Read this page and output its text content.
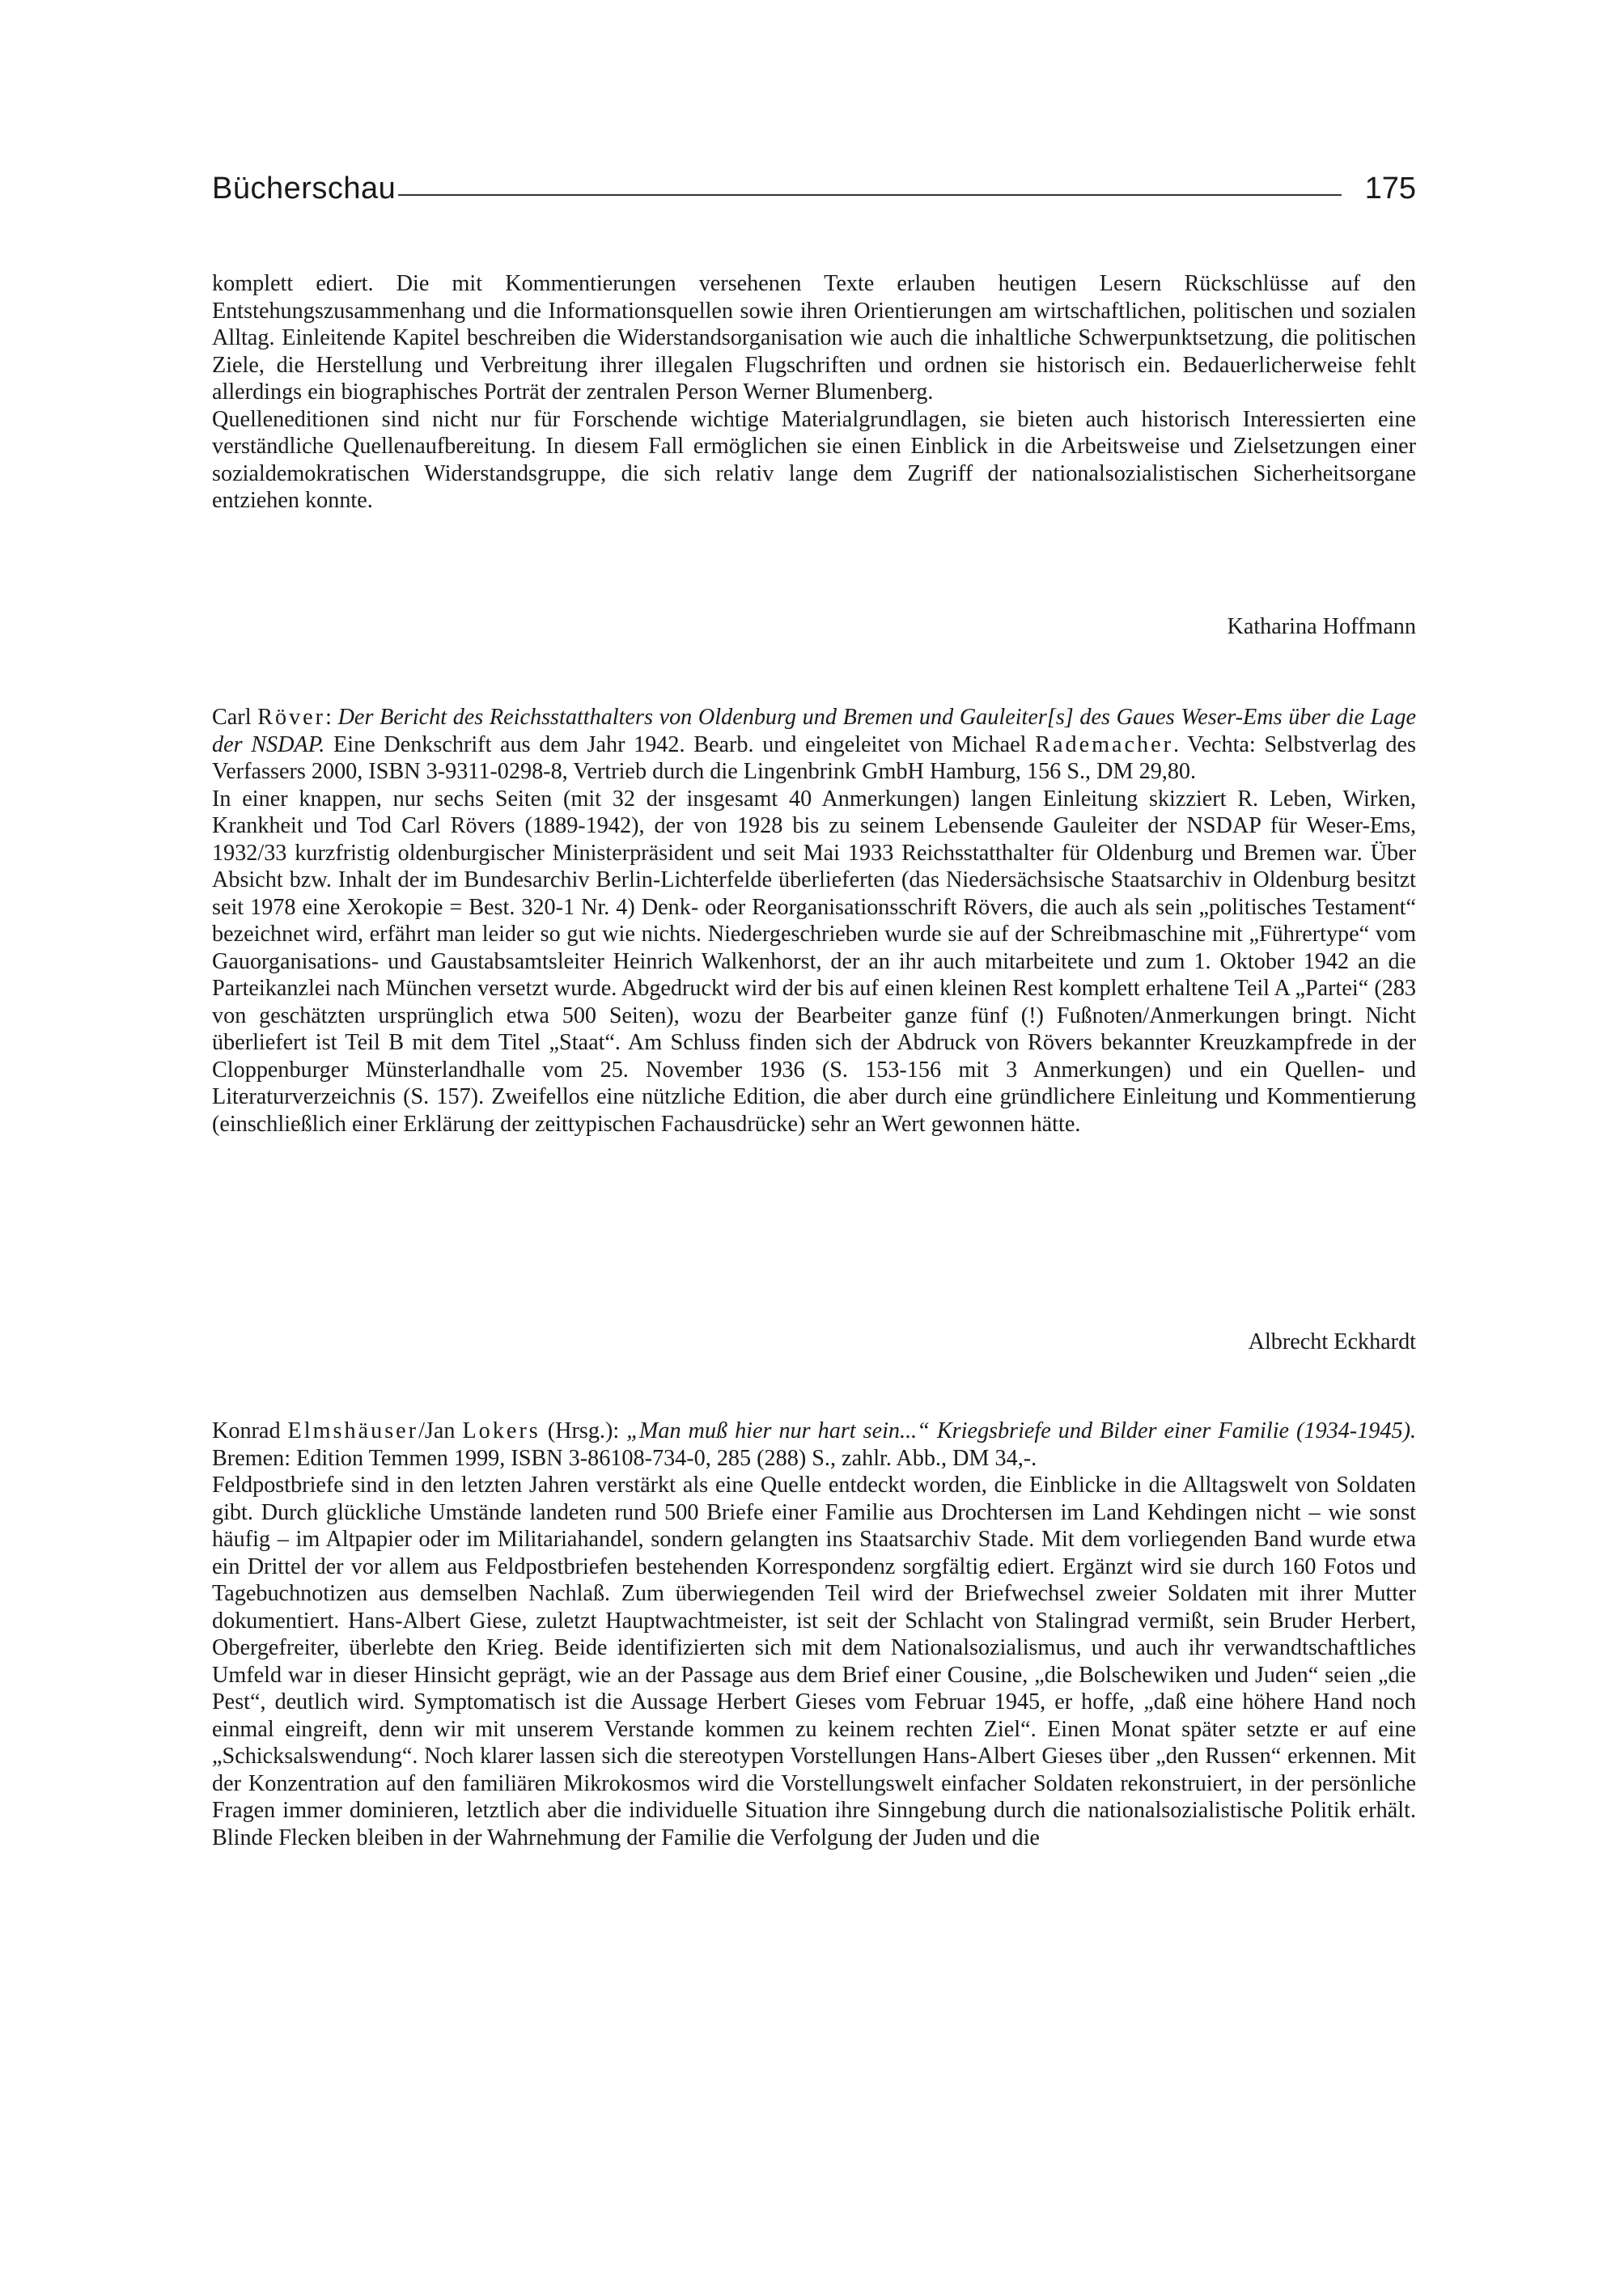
Bücherschau	175

komplett ediert. Die mit Kommentierungen versehenen Texte erlauben heutigen Lesern Rückschlüsse auf den Entstehungszusammenhang und die Informationsquellen sowie ihren Orientierungen am wirtschaftlichen, politischen und sozialen Alltag. Einleitende Kapitel beschreiben die Widerstandsorganisation wie auch die inhaltliche Schwerpunktsetzung, die politischen Ziele, die Herstellung und Verbreitung ihrer illegalen Flugschriften und ordnen sie historisch ein. Bedauerlicherweise fehlt allerdings ein biographisches Porträt der zentralen Person Werner Blumenberg.

Quelleneditionen sind nicht nur für Forschende wichtige Materialgrundlagen, sie bieten auch historisch Interessierten eine verständliche Quellenaufbereitung. In diesem Fall ermöglichen sie einen Einblick in die Arbeitsweise und Zielsetzungen einer sozialdemokratischen Widerstandsgruppe, die sich relativ lange dem Zugriff der nationalsozialistischen Sicherheitsorgane entziehen konnte.

Katharina Hoffmann

Carl Röver: Der Bericht des Reichsstatthalters von Oldenburg und Bremen und Gauleiter[s] des Gaues Weser-Ems über die Lage der NSDAP. Eine Denkschrift aus dem Jahr 1942. Bearb. und eingeleitet von Michael Rademacher. Vechta: Selbstverlag des Verfassers 2000, ISBN 3-9311-0298-8, Vertrieb durch die Lingenbrink GmbH Hamburg, 156 S., DM 29,80.

In einer knappen, nur sechs Seiten (mit 32 der insgesamt 40 Anmerkungen) langen Einleitung skizziert R. Leben, Wirken, Krankheit und Tod Carl Rövers (1889-1942), der von 1928 bis zu seinem Lebensende Gauleiter der NSDAP für Weser-Ems, 1932/33 kurzfristig oldenburgischer Ministerpräsident und seit Mai 1933 Reichsstatthalter für Oldenburg und Bremen war. Über Absicht bzw. Inhalt der im Bundesarchiv Berlin-Lichterfelde überlieferten (das Niedersächsische Staatsarchiv in Oldenburg besitzt seit 1978 eine Xerokopie = Best. 320-1 Nr. 4) Denk- oder Reorganisationsschrift Rövers, die auch als sein „politisches Testament“ bezeichnet wird, erfährt man leider so gut wie nichts. Niedergeschrieben wurde sie auf der Schreibmaschine mit „Führertype“ vom Gauorganisations- und Gaustabsamtsleiter Heinrich Walkenhorst, der an ihr auch mitarbeitete und zum 1. Oktober 1942 an die Parteikanzlei nach München versetzt wurde. Abgedruckt wird der bis auf einen kleinen Rest komplett erhaltene Teil A „Partei“ (283 von geschätzten ursprünglich etwa 500 Seiten), wozu der Bearbeiter ganze fünf (!) Fußnoten/Anmerkungen bringt. Nicht überliefert ist Teil B mit dem Titel „Staat“. Am Schluss finden sich der Abdruck von Rövers bekannter Kreuzkampfrede in der Cloppenburger Münsterlandhalle vom 25. November 1936 (S. 153-156 mit 3 Anmerkungen) und ein Quellen- und Literaturverzeichnis (S. 157). Zweifellos eine nützliche Edition, die aber durch eine gründlichere Einleitung und Kommentierung (einschließlich einer Erklärung der zeittypischen Fachausdrücke) sehr an Wert gewonnen hätte.

Albrecht Eckhardt

Konrad Elmshäuser/Jan Lokers (Hrsg.): „Man muß hier nur hart sein...“ Kriegsbriefe und Bilder einer Familie (1934-1945). Bremen: Edition Temmen 1999, ISBN 3-86108-734-0, 285 (288) S., zahlr. Abb., DM 34,-.

Feldpostbriefe sind in den letzten Jahren verstärkt als eine Quelle entdeckt worden, die Einblicke in die Alltagswelt von Soldaten gibt. Durch glückliche Umstände landeten rund 500 Briefe einer Familie aus Drochtersen im Land Kehdingen nicht – wie sonst häufig – im Altpapier oder im Militariahandel, sondern gelangten ins Staatsarchiv Stade. Mit dem vorliegenden Band wurde etwa ein Drittel der vor allem aus Feldpostbriefen bestehenden Korrespondenz sorgfältig ediert. Ergänzt wird sie durch 160 Fotos und Tagebuchnotizen aus demselben Nachlaß. Zum überwiegenden Teil wird der Briefwechsel zweier Soldaten mit ihrer Mutter dokumentiert. Hans-Albert Giese, zuletzt Hauptwachtmeister, ist seit der Schlacht von Stalingrad vermißt, sein Bruder Herbert, Obergefreiter, überlebte den Krieg. Beide identifizierten sich mit dem Nationalsozialismus, und auch ihr verwandtschaftliches Umfeld war in dieser Hinsicht geprägt, wie an der Passage aus dem Brief einer Cousine, „die Bolschewiken und Juden“ seien „die Pest“, deutlich wird. Symptomatisch ist die Aussage Herbert Gieses vom Februar 1945, er hoffe, „daß eine höhere Hand noch einmal eingreift, denn wir mit unserem Verstande kommen zu keinem rechten Ziel“. Einen Monat später setzte er auf eine „Schicksalswendung“. Noch klarer lassen sich die stereotypen Vorstellungen Hans-Albert Gieses über „den Russen“ erkennen. Mit der Konzentration auf den familiären Mikrokosmos wird die Vorstellungswelt einfacher Soldaten rekonstruiert, in der persönliche Fragen immer dominieren, letztlich aber die individuelle Situation ihre Sinngebung durch die nationalsozialistische Politik erhält. Blinde Flecken bleiben in der Wahrnehmung der Familie die Verfolgung der Juden und die
